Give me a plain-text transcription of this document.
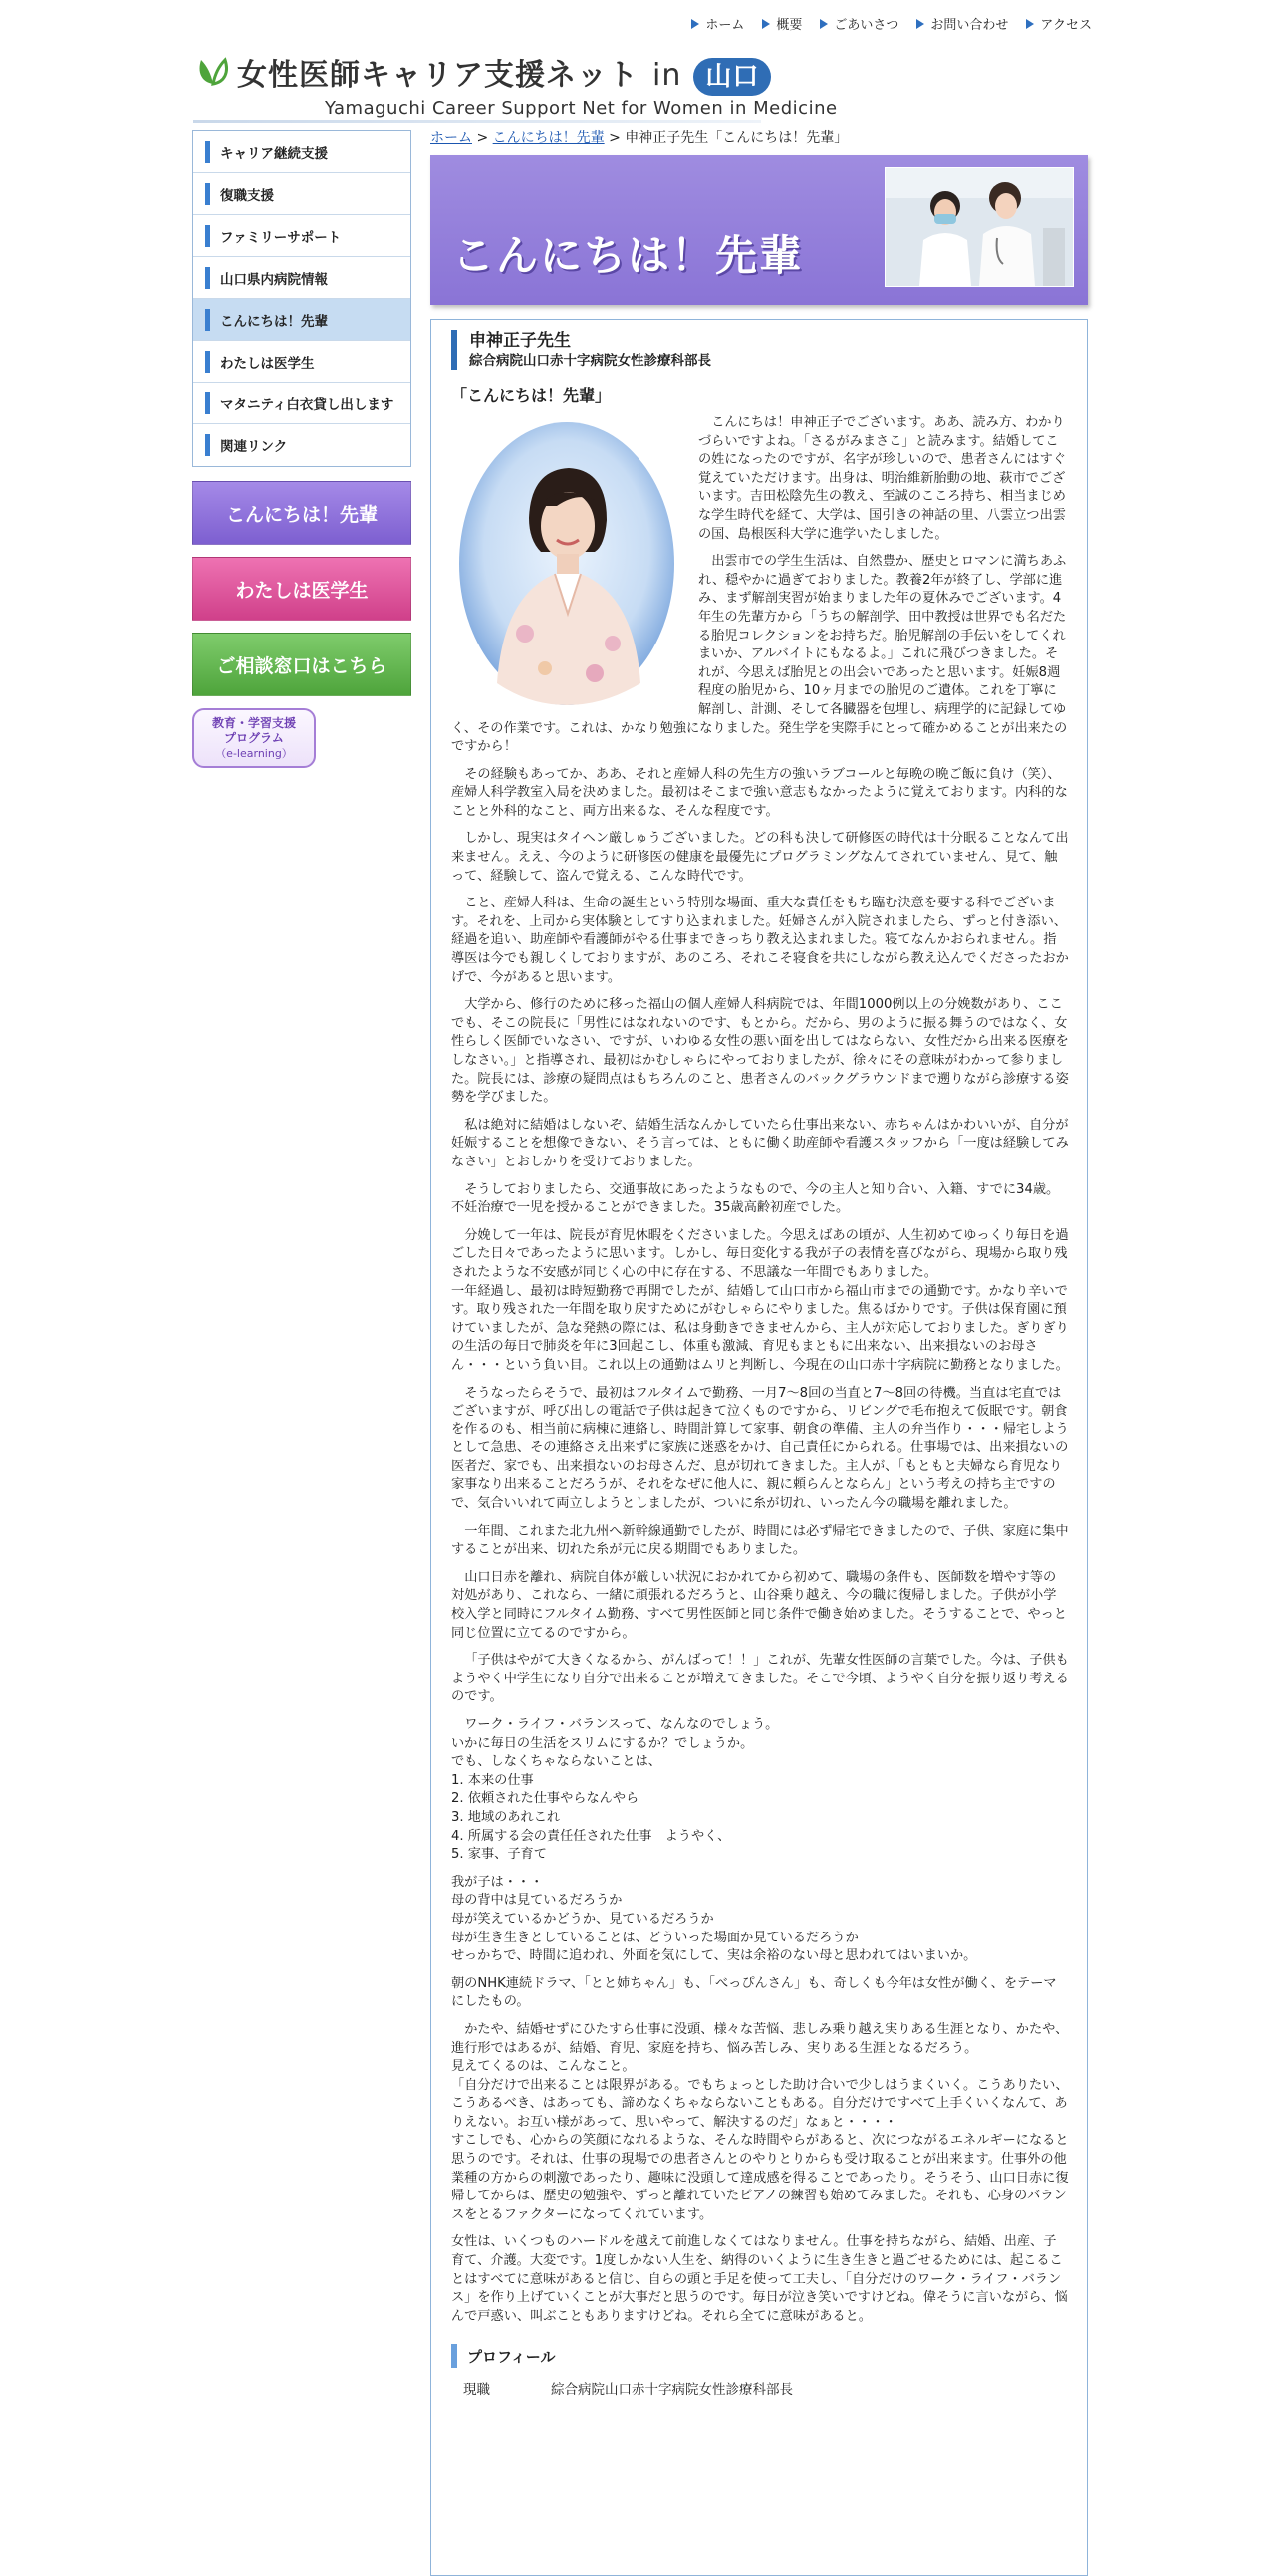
ホーム 概要 ごあいさつ お問い合わせ アクセス
女性医師キャリア支援ネット in 山口
Yamaguchi Career Support Net for Women in Medicine
キャリア継続支援
復職支援
ファミリーサポート
山口県内病院情報
こんにちは！先輩
わたしは医学生
マタニティ白衣貸し出します
関連リンク
こんにちは！先輩
わたしは医学生
ご相談窓口はこちら
教育・学習支援
プログラム
（e-learning）
ホーム > こんにちは！先輩 > 申神正子先生「こんにちは！先輩」
こんにちは！先輩
申神正子先生
綜合病院山口赤十字病院女性診療科部長
「こんにちは！先輩」

こんにちは！申神正子でございます。ああ、読み方、わかりづらいですよね。「さるがみまさこ」と読みます。結婚してこの姓になったのですが、名字が珍しいので、患者さんにはすぐ覚えていただけます。出身は、明治維新胎動の地、萩市でございます。吉田松陰先生の教え、至誠のこころ持ち、相当まじめな学生時代を経て、大学は、国引きの神話の里、八雲立つ出雲の国、島根医科大学に進学いたしました。

出雲市での学生生活は、自然豊か、歴史とロマンに満ちあふれ、穏やかに過ぎておりました。教養2年が終了し、学部に進み、まず解剖実習が始まりました年の夏休みでございます。4年生の先輩方から「うちの解剖学、田中教授は世界でも名だたる胎児コレクションをお持ちだ。胎児解剖の手伝いをしてくれまいか、アルバイトにもなるよ。」これに飛びつきました。それが、今思えば胎児との出会いであったと思います。妊娠8週程度の胎児から、10ヶ月までの胎児のご遺体。これを丁寧に解剖し、計測、そして各臓器を包埋し、病理学的に記録してゆく、その作業です。これは、かなり勉強になりました。発生学を実際手にとって確かめることが出来たのですから！

その経験もあってか、ああ、それと産婦人科の先生方の強いラブコールと毎晩の晩ご飯に負け（笑）、産婦人科学教室入局を決めました。最初はそこまで強い意志もなかったように覚えております。内科的なことと外科的なこと、両方出来るな、そんな程度です。

しかし、現実はタイヘン厳しゅうございました。どの科も決して研修医の時代は十分眠ることなんて出来ません。ええ、今のように研修医の健康を最優先にプログラミングなんてされていません、見て、触って、経験して、盗んで覚える、こんな時代です。

こと、産婦人科は、生命の誕生という特別な場面、重大な責任をもち臨む決意を要する科でございます。それを、上司から実体験としてすり込まれました。妊婦さんが入院されましたら、ずっと付き添い、経過を追い、助産師や看護師がやる仕事まできっちり教え込まれました。寝てなんかおられません。指導医は今でも親しくしておりますが、あのころ、それこそ寝食を共にしながら教え込んでくださったおかげで、今があると思います。

大学から、修行のために移った福山の個人産婦人科病院では、年間1000例以上の分娩数があり、ここでも、そこの院長に「男性にはなれないのです、もとから。だから、男のように振る舞うのではなく、女性らしく医師でいなさい、ですが、いわゆる女性の悪い面を出してはならない、女性だから出来る医療をしなさい。」と指導され、最初はかむしゃらにやっておりましたが、徐々にその意味がわかって参りました。院長には、診療の疑問点はもちろんのこと、患者さんのバックグラウンドまで遡りながら診療する姿勢を学びました。

私は絶対に結婚はしないぞ、結婚生活なんかしていたら仕事出来ない、赤ちゃんはかわいいが、自分が妊娠することを想像できない、そう言っては、ともに働く助産師や看護スタッフから「一度は経験してみなさい」とおしかりを受けておりました。

そうしておりましたら、交通事故にあったようなもので、今の主人と知り合い、入籍、すでに34歳。不妊治療で一児を授かることができました。35歳高齢初産でした。

分娩して一年は、院長が育児休暇をくださいました。今思えばあの頃が、人生初めてゆっくり毎日を過ごした日々であったように思います。しかし、毎日変化する我が子の表情を喜びながら、現場から取り残されたような不安感が同じく心の中に存在する、不思議な一年間でもありました。

一年経過し、最初は時短勤務で再開でしたが、結婚して山口市から福山市までの通勤です。かなり辛いです。取り残された一年間を取り戻すためにがむしゃらにやりました。焦るばかりです。子供は保育園に預けていましたが、急な発熱の際には、私は身動きできませんから、主人が対応しておりました。ぎりぎりの生活の毎日で肺炎を年に3回起こし、体重も激減、育児もまともに出来ない、出来損ないのお母さん・・・という負い目。これ以上の通勤はムリと判断し、今現在の山口赤十字病院に勤務となりました。

そうなったらそうで、最初はフルタイムで勤務、一月7～8回の当直と7～8回の待機。当直は宅直ではございますが、呼び出しの電話で子供は起きて泣くものですから、リビングで毛布抱えて仮眠です。朝食を作るのも、相当前に病棟に連絡し、時間計算して家事、朝食の準備、主人の弁当作り・・・帰宅しようとして急患、その連絡さえ出来ずに家族に迷惑をかけ、自己責任にかられる。仕事場では、出来損ないの医者だ、家でも、出来損ないのお母さんだ、息が切れてきました。主人が、「もともと夫婦なら育児なり家事なり出来ることだろうが、それをなぜに他人に、親に頼らんとならん」という考えの持ち主ですので、気合いいれて両立しようとしましたが、ついに糸が切れ、いったん今の職場を離れました。

一年間、これまた北九州へ新幹線通勤でしたが、時間には必ず帰宅できましたので、子供、家庭に集中することが出来、切れた糸が元に戻る期間でもありました。

山口日赤を離れ、病院自体が厳しい状況におかれてから初めて、職場の条件も、医師数を増やす等の対処があり、これなら、一緒に頑張れるだろうと、山谷乗り越え、今の職に復帰しました。子供が小学校入学と同時にフルタイム勤務、すべて男性医師と同じ条件で働き始めました。そうすることで、やっと同じ位置に立てるのですから。

「子供はやがて大きくなるから、がんばって！！」これが、先輩女性医師の言葉でした。今は、子供もようやく中学生になり自分で出来ることが増えてきました。そこで今頃、ようやく自分を振り返り考えるのです。

ワーク・ライフ・バランスって、なんなのでしょう。

いかに毎日の生活をスリムにするか？でしょうか。

でも、しなくちゃならないことは、

1. 本来の仕事

2. 依頼された仕事やらなんやら

3. 地域のあれこれ

4. 所属する会の責任任された仕事　ようやく、

5. 家事、子育て

我が子は・・・

母の背中は見ているだろうか

母が笑えているかどうか、見ているだろうか

母が生き生きとしていることは、どういった場面か見ているだろうか

せっかちで、時間に追われ、外面を気にして、実は余裕のない母と思われてはいまいか。

朝のNHK連続ドラマ、「とと姉ちゃん」も、「べっぴんさん」も、奇しくも今年は女性が働く、をテーマにしたもの。

かたや、結婚せずにひたすら仕事に没頭、様々な苦悩、悲しみ乗り越え実りある生涯となり、かたや、進行形ではあるが、結婚、育児、家庭を持ち、悩み苦しみ、実りある生涯となるだろう。

見えてくるのは、こんなこと。

「自分だけで出来ることは限界がある。でもちょっとした助け合いで少しはうまくいく。こうありたい、こうあるべき、はあっても、諦めなくちゃならないこともある。自分だけですべて上手くいくなんて、ありえない。お互い様があって、思いやって、解決するのだ」なぁと・・・・

すこしでも、心からの笑顔になれるような、そんな時間やらがあると、次につながるエネルギーになると思うのです。それは、仕事の現場での患者さんとのやりとりからも受け取ることが出来ます。仕事外の他業種の方からの刺激であったり、趣味に没頭して達成感を得ることであったり。そうそう、山口日赤に復帰してからは、歴史の勉強や、ずっと離れていたピアノの練習も始めてみました。それも、心身のバランスをとるファクターになってくれています。

女性は、いくつものハードルを越えて前進しなくてはなりません。仕事を持ちながら、結婚、出産、子育て、介護。大変です。1度しかない人生を、納得のいくように生き生きと過ごせるためには、起こることはすべてに意味があると信じ、自らの頭と手足を使って工夫し、「自分だけのワーク・ライフ・バランス」を作り上げていくことが大事だと思うのです。毎日が泣き笑いですけどね。偉そうに言いながら、悩んで戸惑い、叫ぶこともありますけどね。それら全てに意味があると。

プロフィール
現職	綜合病院山口赤十字病院女性診療科部長
